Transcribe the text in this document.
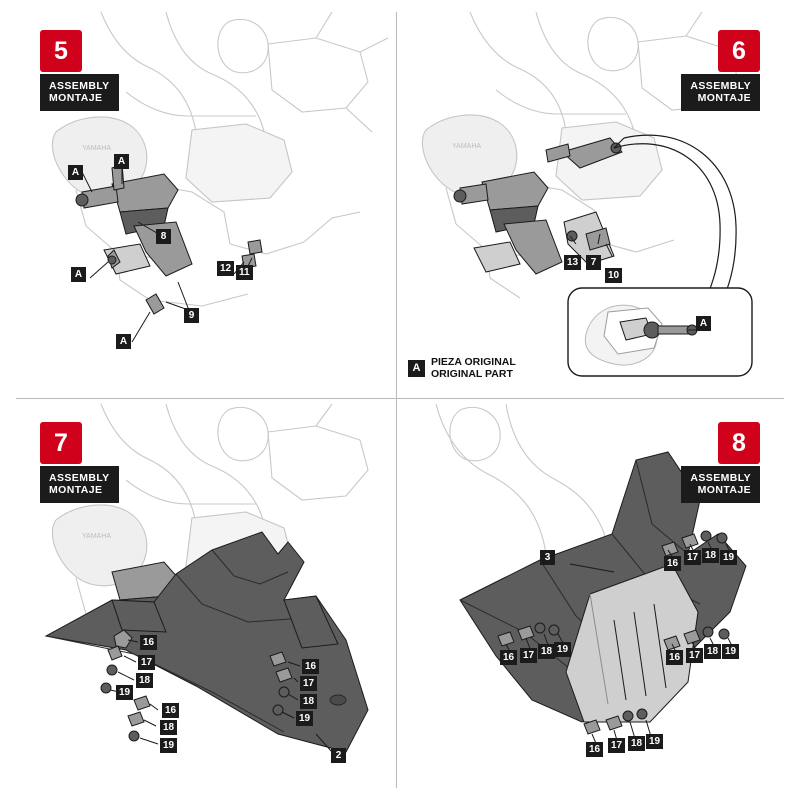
YAMAHA
5
ASSEMBLY
MONTAJE
A
A
A
A
8
9
11
12
YAMAHA
6
ASSEMBLY
MONTAJE
13	7
10
A
A	PIEZA ORIGINAL
ORIGINAL PART
YAMAHA
7
ASSEMBLY
MONTAJE
16
17
18
19
16
18
19
16
17
18
19
2
8
ASSEMBLY
MONTAJE
3
16
17 18 19
16 17 18 19
16 17 18 19
16	17 18 19
